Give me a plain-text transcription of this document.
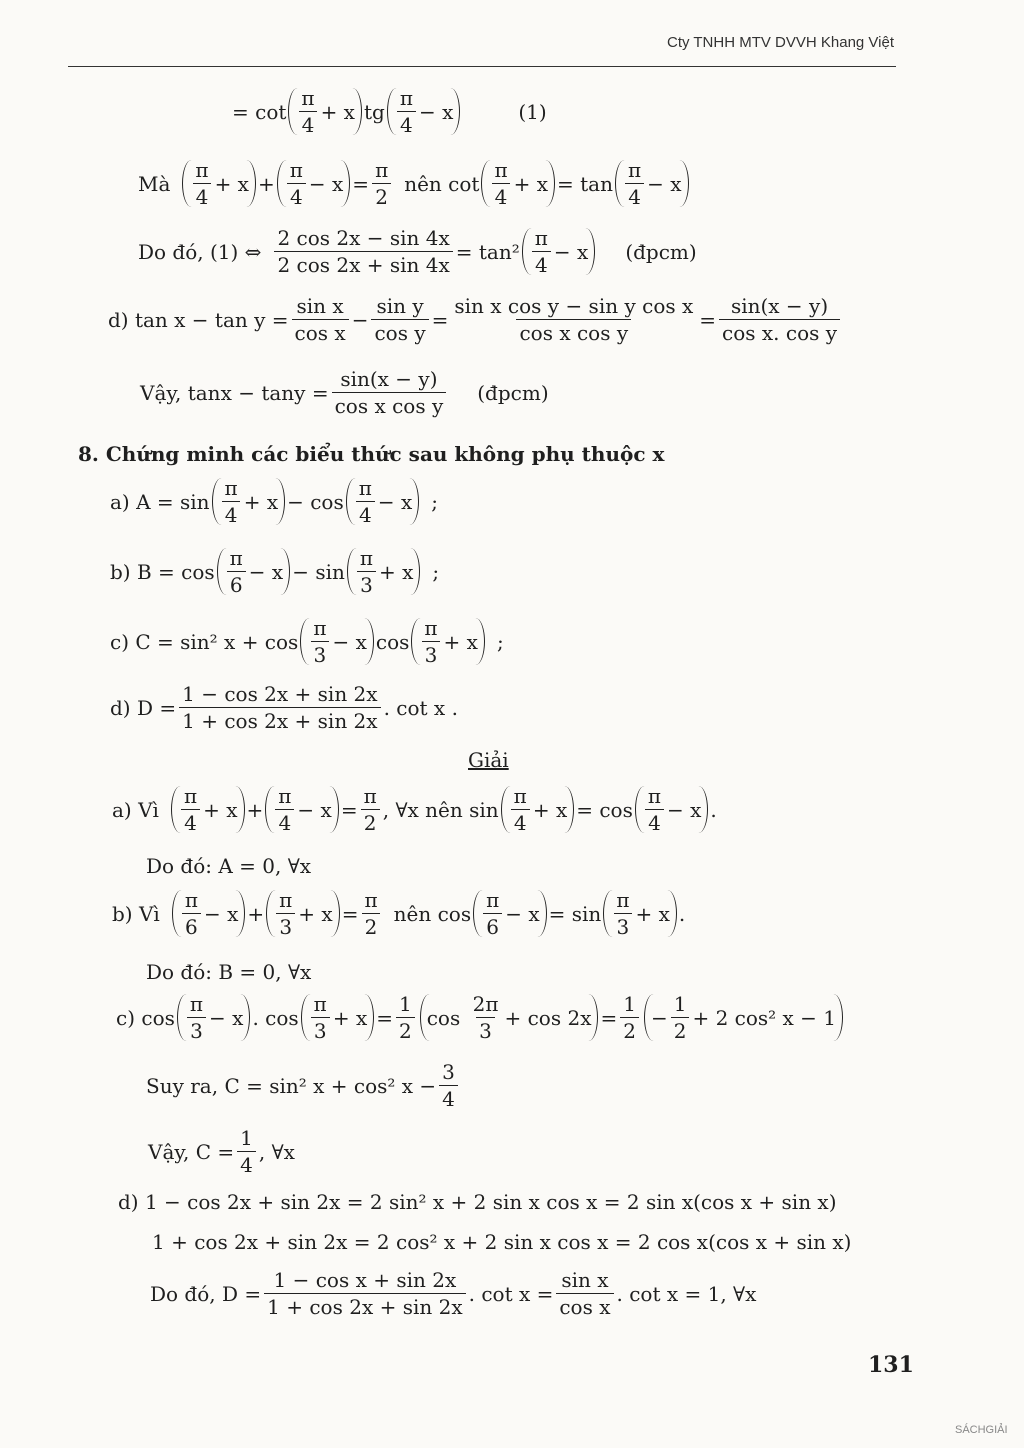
Cty TNHH MTV DVVH Khang Việt
= $\cot \frac{\pi}{4} + x$ tg $\frac{\pi}{4} - x$	(1)
Mà $\frac{\pi}{4} + x + \frac{\pi}{4} - x = \frac{\pi}{2}$ nên $\cot \frac{\pi}{4} + x = \tan \frac{\pi}{4} - x$
Do đó, (1) ⇔ $\frac{2 \cos 2x - \sin 4x}{2 \cos 2x + \sin 4x} = \tan^2 \frac{\pi}{4} - x$ (đpcm)
d) $\tan x - \tan y = \frac{\text{sin x}}{\text{cos x}} - \frac{\text{sin y}}{\text{cos y}} = \frac{\text{sin x cos y − sin y cos x}}{\text{cos x cos y}} = \frac{\sin(x - y)}{\text{cos x. cos y}}$
Vậy, $\tan x - \tan y = \frac{\sin(x - y)}{\text{cos x cos y}}$ (đpcm)
8. Chứng minh các biểu thức sau không phụ thuộc x
a) $A = \sin \frac{\pi}{4} + x - \cos \frac{\pi}{4} - x$ ;
b) $B = \cos \frac{\pi}{6} - x - \sin \frac{\pi}{3} + x$ ;
c) C = sin² $x + \cos \frac{\pi}{3} - x$ $\cos \frac{\pi}{3} + x$ ;
d) $D = \frac{1 - \cos 2x + \sin 2x}{1 + \cos 2x + \sin 2x}$ . cot x .
Giải
a) Vì $\frac{\pi}{4} + x + \frac{\pi}{4} - x = \frac{\pi}{2}$ , ∀x nên $\sin \frac{\pi}{4} + x = \cos \frac{\pi}{4} - x$ .
Do đó: A = 0, ∀x
b) Vì $\frac{\pi}{6} - x + \frac{\pi}{3} + x = \frac{\pi}{2}$ nên $\cos \frac{\pi}{6} - x = \sin \frac{\pi}{3} + x$ .
Do đó: B = 0, ∀x
c) $\cos \frac{\pi}{3} - x$ . $\cos \frac{\pi}{3} + x = \frac{1}{2}$ cos
$\frac{2\pi}{3} + \cos 2x = \frac{1}{2} - \frac{1}{2} + 2$ cos² x − 1
Suy ra, C = sin² x + cos² $x - \frac{3}{4}$
Vậy, $C = \frac{1}{4}$ , ∀x
d) 1 − cos 2x + sin 2x = 2 sin² x + 2 sin x cos x = 2 sin x(cos x + sin x)
1 + cos 2x + sin 2x = 2 cos² x + 2 sin x cos x = 2 cos x(cos x + sin x)
Do đó, $D = \frac{\text{1 − cos x + sin 2x}}{1 + \cos 2x + \sin 2x}$ . $\cot x = \frac{\text{sin x}}{\text{cos x}}$ . cot x = 1, ∀x
131
SÁCHGIẢI
